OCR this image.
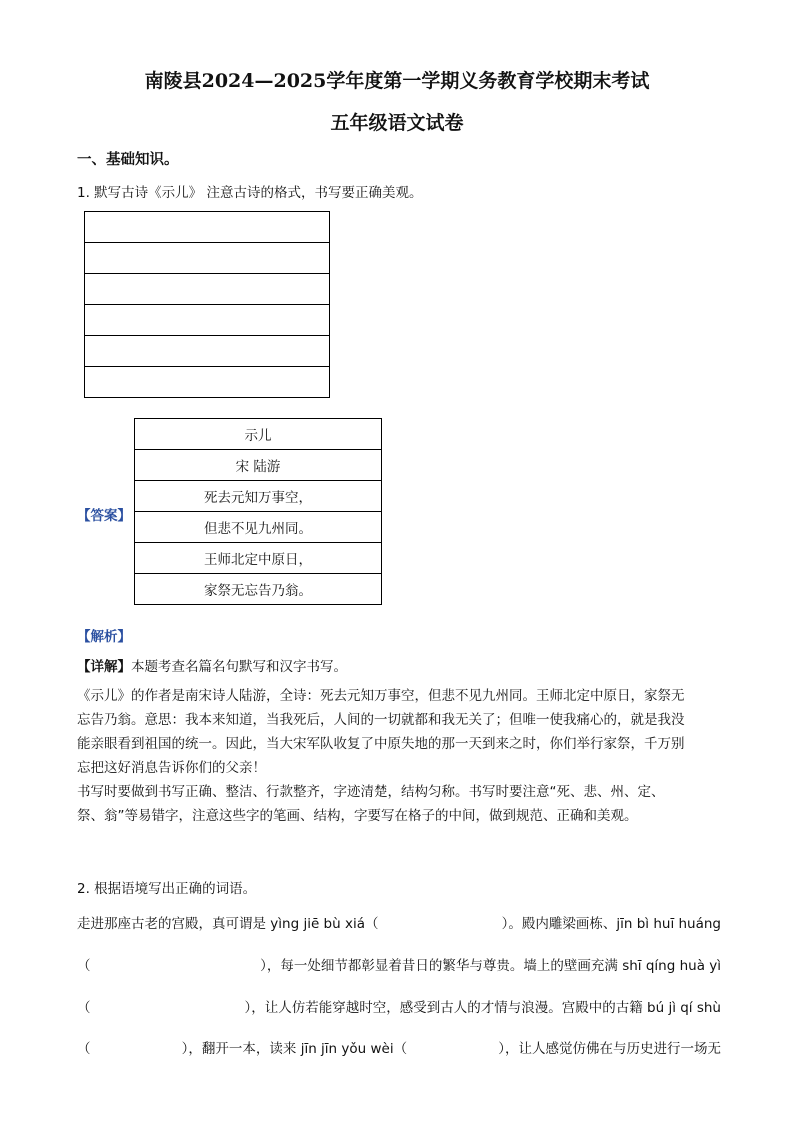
南陵县2024—2025学年度第一学期义务教育学校期末考试
五年级语文试卷
一、基础知识。
1. 默写古诗《示儿》 注意古诗的格式，书写要正确美观。

【答案】
示儿
宋 陆游
死去元知万事空，
但悲不见九州同。
王师北定中原日，
家祭无忘告乃翁。
【解析】
【详解】本题考查名篇名句默写和汉字书写。

《示儿》的作者是南宋诗人陆游，全诗：死去元知万事空，但悲不见九州同。王师北定中原日，家祭无

忘告乃翁。意思：我本来知道，当我死后，人间的一切就都和我无关了；但唯一使我痛心的，就是我没

能亲眼看到祖国的统一。因此，当大宋军队收复了中原失地的那一天到来之时，你们举行家祭，千万别

忘把这好消息告诉你们的父亲！

书写时要做到书写正确、整洁、行款整齐，字迹清楚，结构匀称。书写时要注意“死、悲、州、定、

祭、翁”等易错字，注意这些字的笔画、结构，字要写在格子的中间，做到规范、正确和美观。

2. 根据语境写出正确的词语。
走进那座古老的宫殿，真可谓是 yìng jiē bù xiá（	）。殿内雕梁画栋、jīn bì huī huáng
（	），每一处细节都彰显着昔日的繁华与尊贵。墙上的壁画充满 shī qíng huà yì
（	），让人仿若能穿越时空，感受到古人的才情与浪漫。宫殿中的古籍 bú jì qí shù
（	），翻开一本，读来 jīn jīn yǒu wèi（	），让人感觉仿佛在与历史进行一场无
